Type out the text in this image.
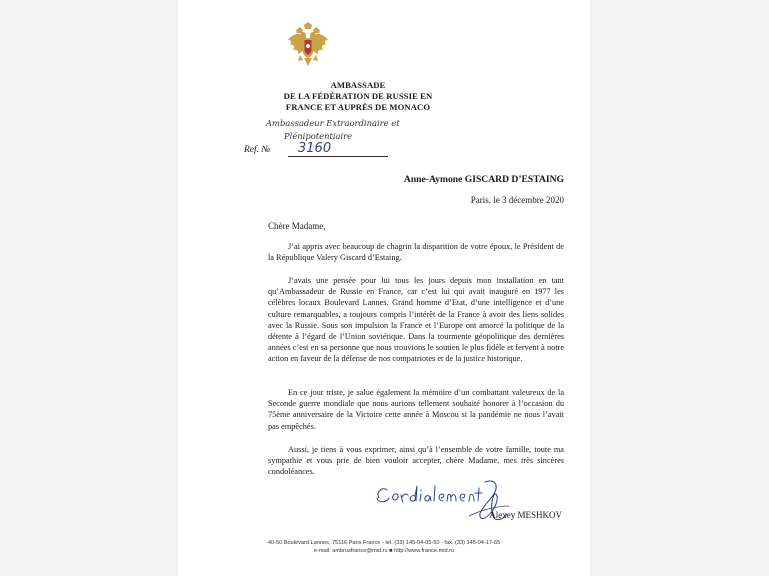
AMBASSADE
DE LA FÉDÉRATION DE RUSSIE EN
FRANCE ET AUPRÈS DE MONACO
Ambassadeur Extraordinaire et
Plénipotentiaire
Ref. №	3160
Anne-Aymone GISCARD D’ESTAING
Paris, le 3 décembre 2020
Chère Madame,

J’ai appris avec beaucoup de chagrin la disparition de votre époux, le Président de la République Valery Giscard d’Estaing.

J’avais une pensée pour lui tous les jours depuis mon installation en tant qu’Ambassadeur de Russie en France, car c’est lui qui avait inauguré en 1977 les célèbres locaux Boulevard Lannes. Grand homme d’Etat, d’une intelligence et d’une culture remarquables, a toujours compris l’intérêt de la France à avoir des liens solides avec la Russie. Sous son impulsion la France et l’Europe ont amorcé la politique de la détente à l’égard de l’Union soviétique. Dans la tourmente géopolitique des dernières années c’est en sa personne que nous trouvions le soutien le plus fidèle et fervent à notre action en faveur de la défense de nos compatriotes et de la justice historique.

En ce jour triste, je salue également la mémoire d’un combattant valeureux de la Seconde guerre mondiale que nous aurions tellement souhaité honorer à l’occasion du 75ème anniversaire de la Victoire cette année à Moscou si la pandémie ne nous l’avait pas empêchés.

Aussi, je tiens à vous exprimer, ainsi qu’à l’ensemble de votre famille, toute ma sympathie et vous prie de bien vouloir accepter, chère Madame, mes très sincères condoléances.

Alexey MESHKOV
40-50 Boulevard Lannes, 75116 Paris France - tel. (33) 145-04-05-50 - fax. (33) 145-04-17-65
e-mail: ambrusfrance@mid.ru ■ http://www.france.mid.ru
